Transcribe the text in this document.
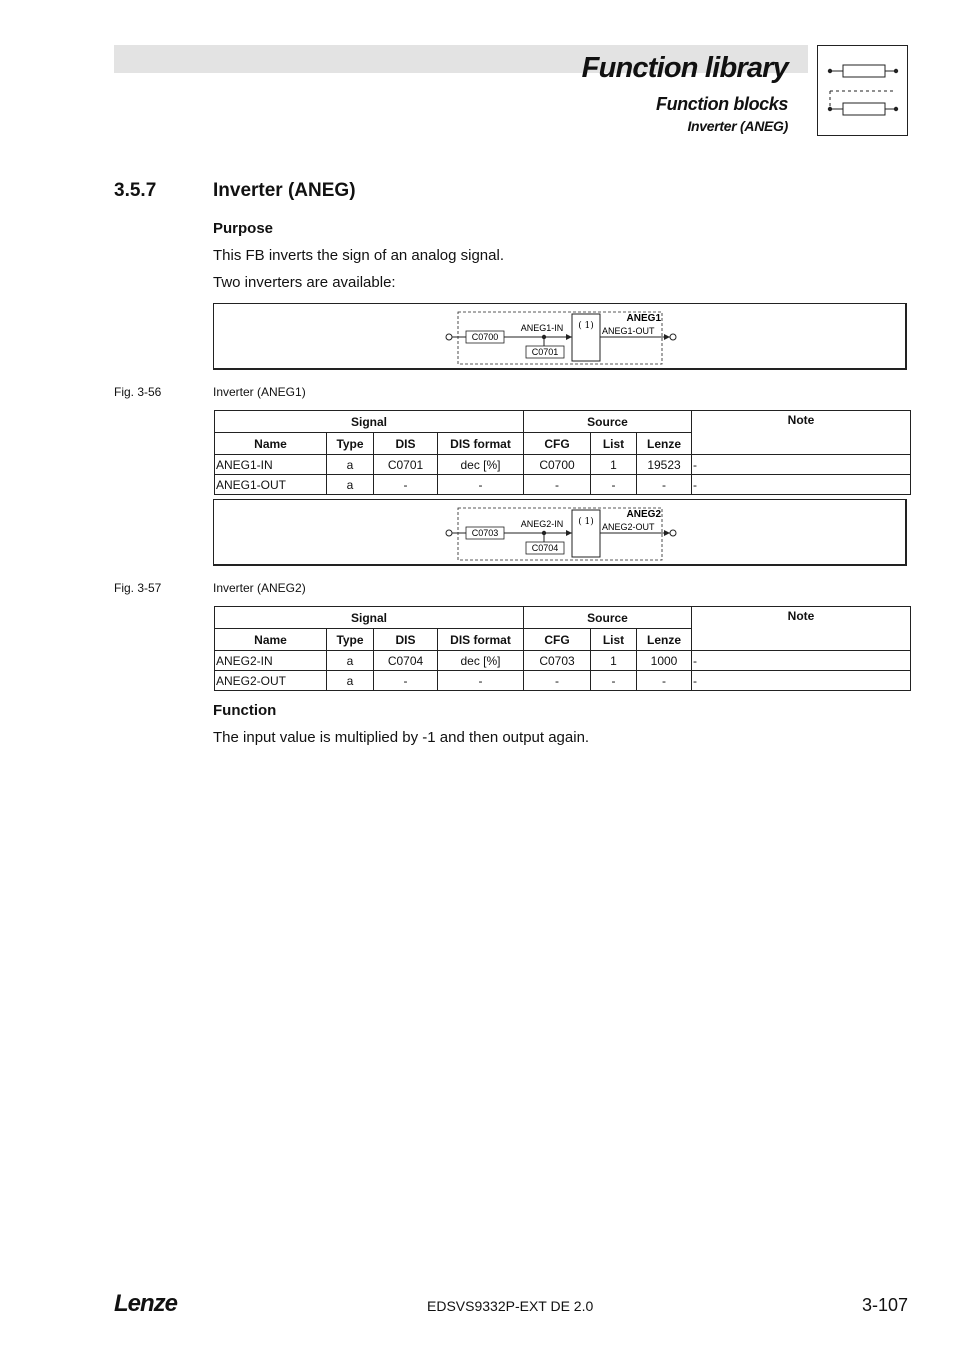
Function library
Function blocks
Inverter (ANEG)
3.5.7	Inverter (ANEG)
Purpose
This FB inverts the sign of an analog signal.
Two inverters are available:
C0700
ANEG1-IN
C0701
( 1)
ANEG1
ANEG1-OUT
Fig. 3-56	Inverter (ANEG1)
Signal				Source			Note
Name	Type	DIS	DIS format	CFG	List	Lenze	
ANEG1-IN	a	C0701	dec [%]	C0700	1	19523	-
ANEG1-OUT	a	-	-	-	-	-	-
C0703
ANEG2-IN
C0704
( 1)
ANEG2
ANEG2-OUT
Fig. 3-57	Inverter (ANEG2)
Signal				Source			Note
Name	Type	DIS	DIS format	CFG	List	Lenze	
ANEG2-IN	a	C0704	dec [%]	C0703	1	1000	-
ANEG2-OUT	a	-	-	-	-	-	-
Function
The input value is multiplied by -1 and then output again.
Lenze	EDSVS9332P-EXT DE 2.0	3-107
